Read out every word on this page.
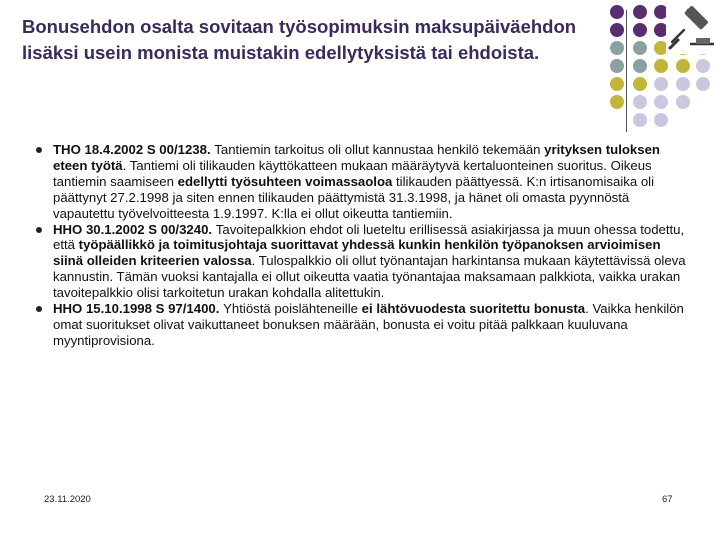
Bonusehdon osalta sovitaan työsopimuksin maksupäiväehdon lisäksi usein monista muistakin edellytyksistä tai ehdoista.
THO 18.4.2002 S 00/1238. Tantiemin tarkoitus oli ollut kannustaa henkilö tekemään yrityksen tuloksen eteen työtä. Tantiemi oli tilikauden käyttökatteen mukaan määräytyvä kertaluonteinen suoritus. Oikeus tantiemin saamiseen edellytti työsuhteen voimassaoloa tilikauden päättyessä. K:n irtisanomisaika oli päättynyt 27.2.1998 ja siten ennen tilikauden päättymistä 31.3.1998, ja hänet oli omasta pyynnöstä vapautettu työvelvoitteesta 1.9.1997. K:lla ei ollut oikeutta tantiemiin.
HHO 30.1.2002 S 00/3240. Tavoitepalkkion ehdot oli lueteltu erillisessä asiakirjassa ja muun ohessa todettu, että työpäällikkö ja toimitusjohtaja suorittavat yhdessä kunkin henkilön työpanoksen arvioimisen siinä olleiden kriteerien valossa. Tulospalkkio oli ollut työnantajan harkintansa mukaan käytettävissä oleva kannustin. Tämän vuoksi kantajalla ei ollut oikeutta vaatia työnantajaa maksamaan palkkiota, vaikka urakan tavoitepalkkio olisi tarkoitetun urakan kohdalla alitettukin.
HHO 15.10.1998 S 97/1400. Yhtiöstä poislähteneille ei lähtövuodesta suoritettu bonusta. Vaikka henkilön omat suoritukset olivat vaikuttaneet bonuksen määrään, bonusta ei voitu pitää palkkaan kuuluvana myyntiprovisiona.
23.11.2020	67
